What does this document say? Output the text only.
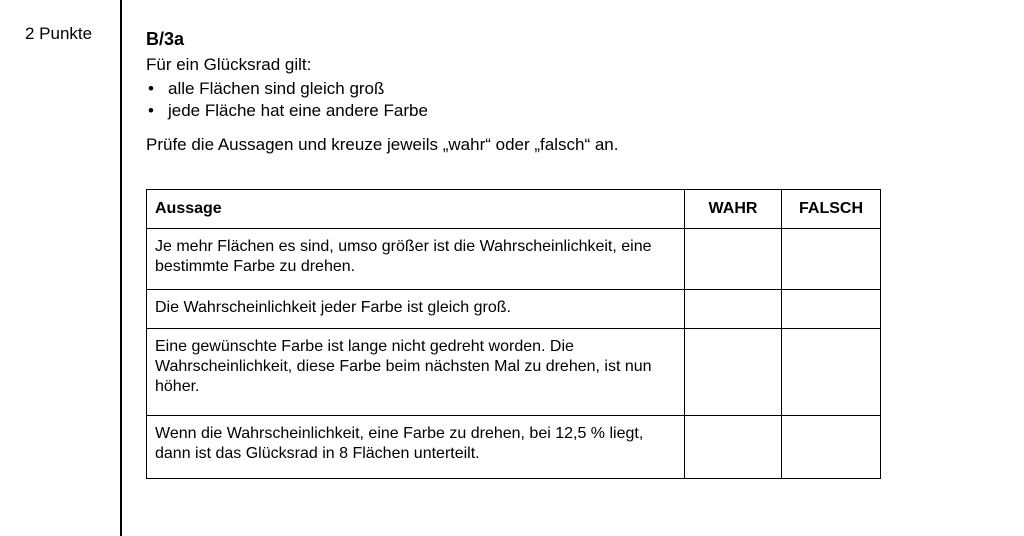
2 Punkte	B/3a
Für ein Glücksrad gilt:
• alle Flächen sind gleich groß
• jede Fläche hat eine andere Farbe
Prüfe die Aussagen und kreuze jeweils „wahr“ oder „falsch“ an.
Aussage	WAHR	FALSCH
Je mehr Flächen es sind, umso größer ist die Wahrscheinlichkeit, eine bestimmte Farbe zu drehen.		
Die Wahrscheinlichkeit jeder Farbe ist gleich groß.		
Eine gewünschte Farbe ist lange nicht gedreht worden. Die Wahrscheinlichkeit, diese Farbe beim nächsten Mal zu drehen, ist nun höher.		
Wenn die Wahrscheinlichkeit, eine Farbe zu drehen, bei 12,5 % liegt, dann ist das Glücksrad in 8 Flächen unterteilt.		
